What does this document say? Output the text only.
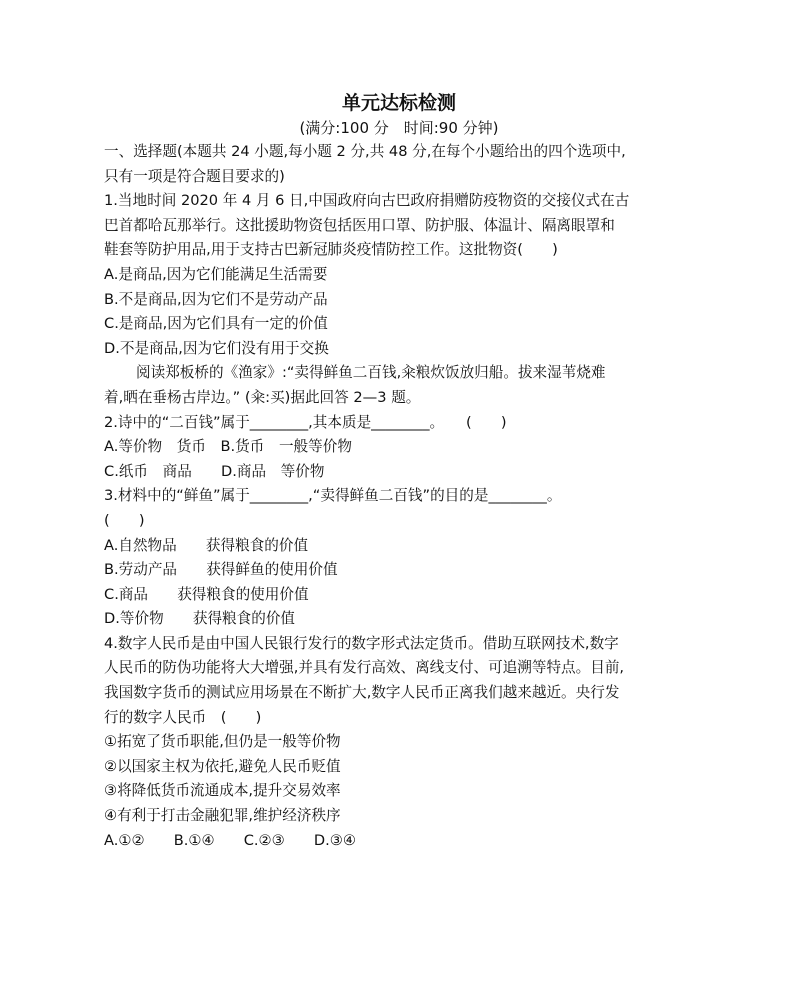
单元达标检测
(满分:100 分　时间:90 分钟)
一、选择题(本题共 24 小题,每小题 2 分,共 48 分,在每个小题给出的四个选项中,
只有一项是符合题目要求的)
1.当地时间 2020 年 4 月 6 日,中国政府向古巴政府捐赠防疫物资的交接仪式在古
巴首都哈瓦那举行。这批援助物资包括医用口罩、防护服、体温计、隔离眼罩和
鞋套等防护用品,用于支持古巴新冠肺炎疫情防控工作。这批物资(　　)
A.是商品,因为它们能满足生活需要
B.不是商品,因为它们不是劳动产品
C.是商品,因为它们具有一定的价值
D.不是商品,因为它们没有用于交换
阅读郑板桥的《渔家》:“卖得鲜鱼二百钱,籴粮炊饭放归船。拔来湿苇烧难
着,晒在垂杨古岸边。” (籴:买)据此回答 2—3 题。
2.诗中的“二百钱”属于________,其本质是________。　　(　　)
A.等价物　货币　B.货币　一般等价物
C.纸币　商品　　D.商品　等价物
3.材料中的“鲜鱼”属于________,“卖得鲜鱼二百钱”的目的是________。
(　　)
A.自然物品　　获得粮食的价值
B.劳动产品　　获得鲜鱼的使用价值
C.商品　　获得粮食的使用价值
D.等价物　　获得粮食的价值
4.数字人民币是由中国人民银行发行的数字形式法定货币。借助互联网技术,数字
人民币的防伪功能将大大增强,并具有发行高效、离线支付、可追溯等特点。目前,
我国数字货币的测试应用场景在不断扩大,数字人民币正离我们越来越近。央行发
行的数字人民币　(　　)
①拓宽了货币职能,但仍是一般等价物
②以国家主权为依托,避免人民币贬值
③将降低货币流通成本,提升交易效率
④有利于打击金融犯罪,维护经济秩序
A.①②　　B.①④　　C.②③　　D.③④
